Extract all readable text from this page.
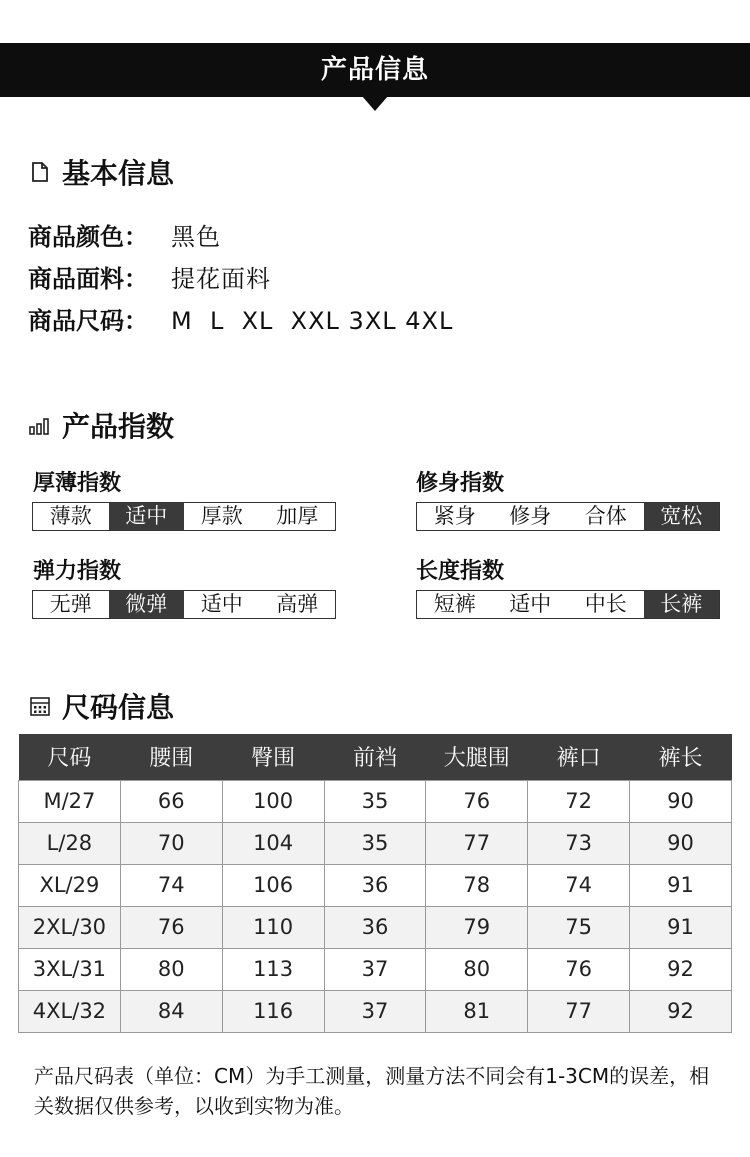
产品信息
基本信息
商品颜色： 黑色
商品面料： 提花面料
商品尺码： M  L  XL  XXL 3XL 4XL
产品指数
厚薄指数
薄款	适中	厚款	加厚
修身指数
紧身	修身	合体	宽松
弹力指数
无弹	微弹	适中	高弹
长度指数
短裤	适中	中长	长裤
尺码信息
尺码	腰围	臀围	前裆	大腿围	裤口	裤长
M/27	66	100	35	76	72	90
L/28	70	104	35	77	73	90
XL/29	74	106	36	78	74	91
2XL/30	76	110	36	79	75	91
3XL/31	80	113	37	80	76	92
4XL/32	84	116	37	81	77	92
产品尺码表（单位：CM）为手工测量，测量方法不同会有1-3CM的误差，相关数据仅供参考，以收到实物为准。
